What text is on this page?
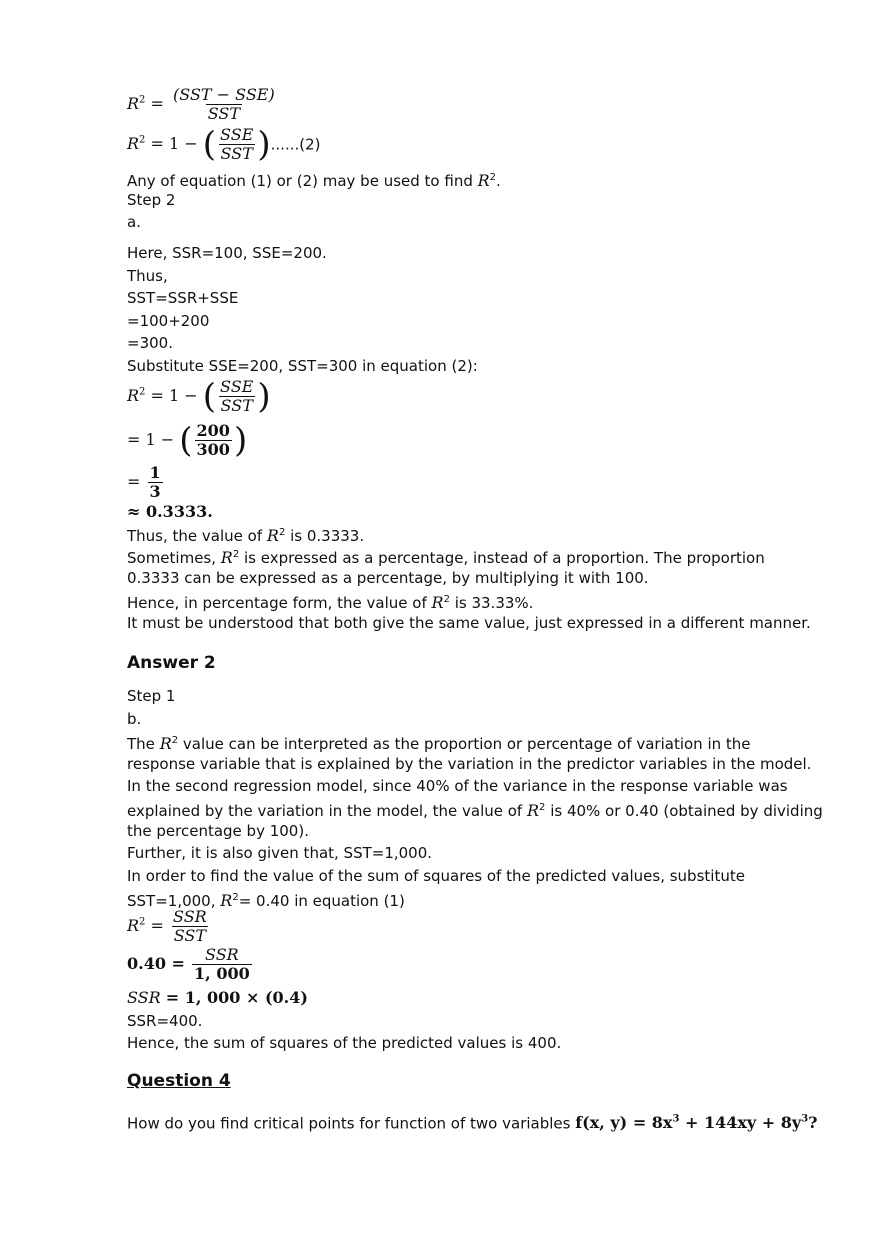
$R^2 = \frac{\text{(SST − SSE)}}{\text{SST}}$
$R^2 = 1$ − ( $\frac{\text{SSE}}{\text{SST}} )......(2)$
Any of equation (1) or (2) may be used to find $R^2$.
Step 2
a.
Here, SSR=100, SSE=200.
Thus,
SST=SSR+SSE
=100+200
=300.
Substitute SSE=200, SST=300 in equation (2):
$R^2 = 1$ − ( $\frac{\text{SSE}}{\text{SST}}$ )
= 1 − ( $\frac{200}{300}$ )
= $\frac{1}{3}$
≈ 0.3333.
Thus, the value of $R^2$ is 0.3333.
Sometimes, $R^2$ is expressed as a percentage, instead of a proportion. The proportion
0.3333 can be expressed as a percentage, by multiplying it with 100.
Hence, in percentage form, the value of $R^2$ is 33.33%.
It must be understood that both give the same value, just expressed in a different manner.
Answer 2
Step 1
b.
The $R^2$ value can be interpreted as the proportion or percentage of variation in the
response variable that is explained by the variation in the predictor variables in the model.
In the second regression model, since 40% of the variance in the response variable was
explained by the variation in the model, the value of $R^2$ is 40% or 0.40 (obtained by dividing
the percentage by 100).
Further, it is also given that, SST=1,000.
In order to find the value of the sum of squares of the predicted values, substitute
SST=1,000, $R^2= 0.40$ in equation (1)
$R^2 = \frac{\text{SSR}}{\text{SST}}$
$0.40 = \frac{\text{SSR}}{1, 000}$
SSR = 1, 000 × (0.4)
SSR=400.
Hence, the sum of squares of the predicted values is 400.
Question 4
How do you find critical points for function of two variables f(x, $y) = 8x^3 + 144xy + 8y^3$?
